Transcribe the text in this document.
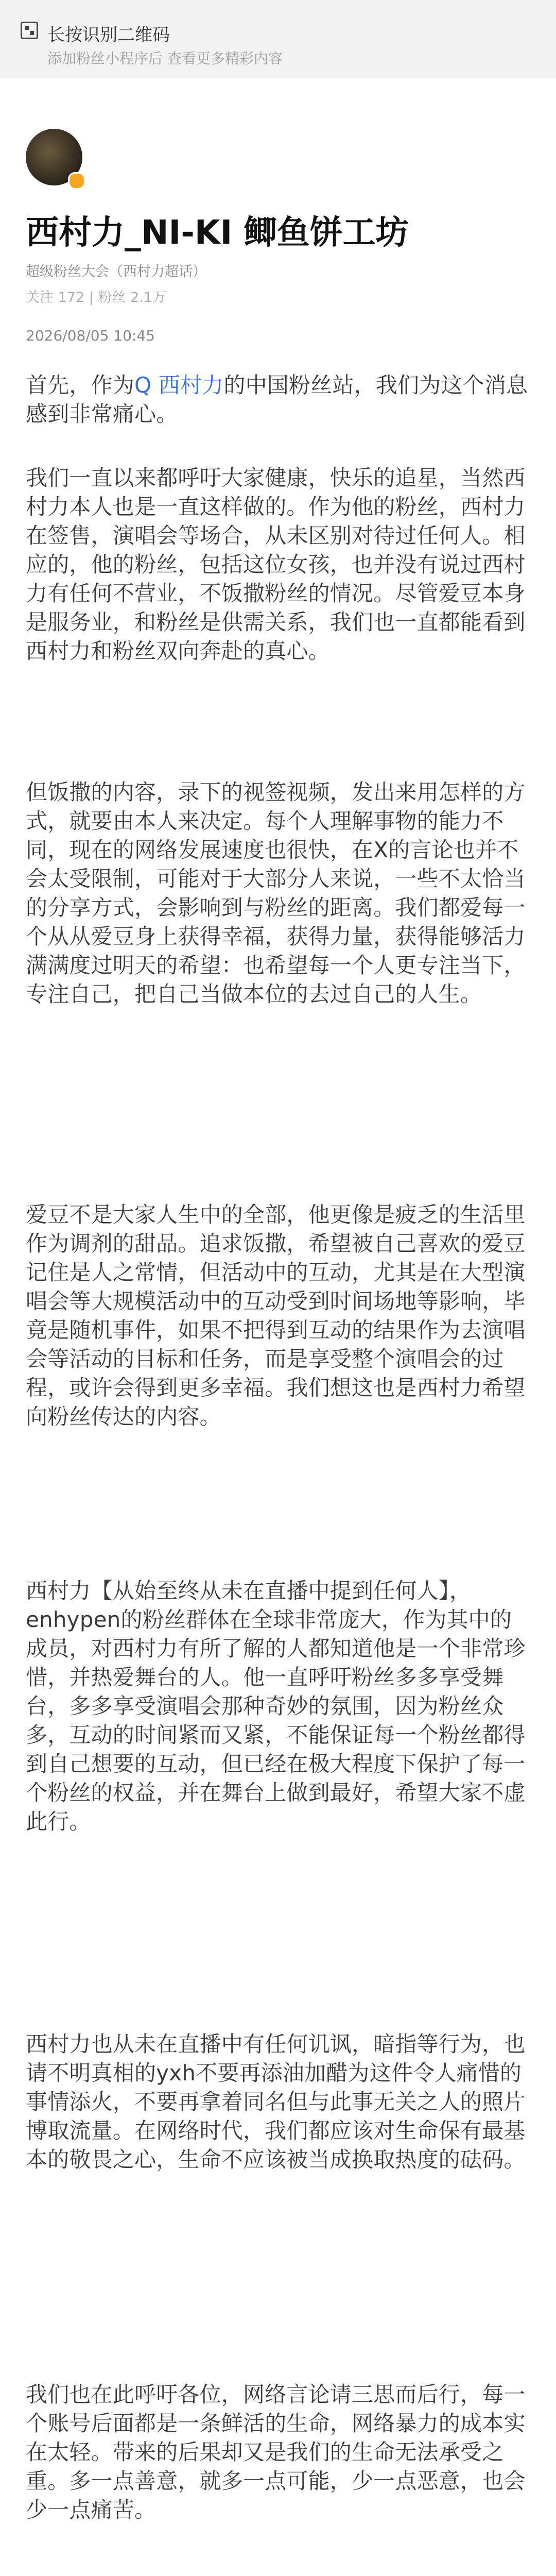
长按识别二维码
添加粉丝小程序后 查看更多精彩内容
西村力_NI-KI 鲫鱼饼工坊
超级粉丝大会（西村力超话）
关注 172 | 粉丝 2.1万
2026/08/05 10:45

首先，作为Q 西村力的中国粉丝站，我们为这个消息感到非常痛心。

我们一直以来都呼吁大家健康，快乐的追星，当然西村力本人也是一直这样做的。作为他的粉丝，西村力在签售，演唱会等场合，从未区别对待过任何人。相应的，他的粉丝，包括这位女孩，也并没有说过西村力有任何不营业，不饭撒粉丝的情况。尽管爱豆本身是服务业，和粉丝是供需关系，我们也一直都能看到西村力和粉丝双向奔赴的真心。

但饭撒的内容，录下的视签视频，发出来用怎样的方式，就要由本人来决定。每个人理解事物的能力不同，现在的网络发展速度也很快，在X的言论也并不会太受限制，可能对于大部分人来说，一些不太恰当的分享方式，会影响到与粉丝的距离。我们都爱每一个从从爱豆身上获得幸福，获得力量，获得能够活力满满度过明天的希望：也希望每一个人更专注当下，专注自己，把自己当做本位的去过自己的人生。

爱豆不是大家人生中的全部，他更像是疲乏的生活里作为调剂的甜品。追求饭撒，希望被自己喜欢的爱豆记住是人之常情，但活动中的互动，尤其是在大型演唱会等大规模活动中的互动受到时间场地等影响，毕竟是随机事件，如果不把得到互动的结果作为去演唱会等活动的目标和任务，而是享受整个演唱会的过程，或许会得到更多幸福。我们想这也是西村力希望向粉丝传达的内容。

西村力【从始至终从未在直播中提到任何人】，enhypen的粉丝群体在全球非常庞大，作为其中的成员，对西村力有所了解的人都知道他是一个非常珍惜，并热爱舞台的人。他一直呼吁粉丝多多享受舞台，多多享受演唱会那种奇妙的氛围，因为粉丝众多，互动的时间紧而又紧，不能保证每一个粉丝都得到自己想要的互动，但已经在极大程度下保护了每一个粉丝的权益，并在舞台上做到最好，希望大家不虚此行。

西村力也从未在直播中有任何讥讽，暗指等行为，也请不明真相的yxh不要再添油加醋为这件令人痛惜的事情添火，不要再拿着同名但与此事无关之人的照片博取流量。在网络时代，我们都应该对生命保有最基本的敬畏之心，生命不应该被当成换取热度的砝码。

我们也在此呼吁各位，网络言论请三思而后行，每一个账号后面都是一条鲜活的生命，网络暴力的成本实在太轻。带来的后果却又是我们的生命无法承受之重。多一点善意，就多一点可能，少一点恶意，也会少一点痛苦。
